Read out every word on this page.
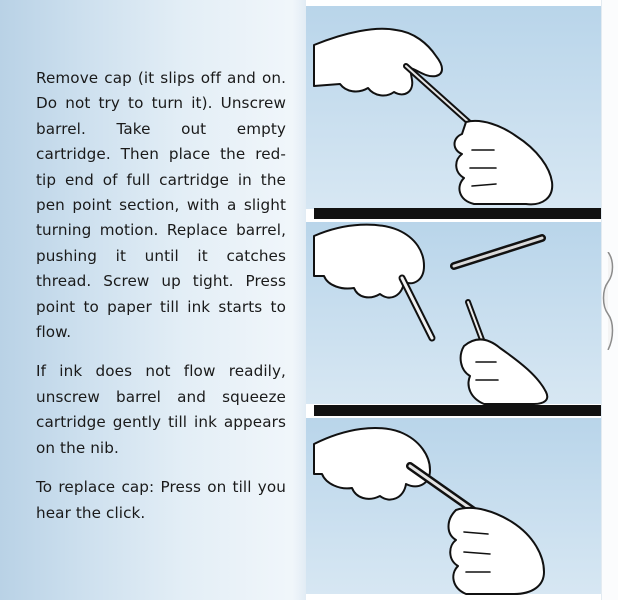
Remove cap (it slips off and on. Do not try to turn it). Unscrew barrel. Take out empty cartridge. Then place the red-tip end of full cartridge in the pen point section, with a slight turning motion. Replace barrel, pushing it until it catches thread. Screw up tight. Press point to paper till ink starts to flow.

If ink does not flow readily, unscrew barrel and squeeze cartridge gently till ink appears on the nib.

To replace cap: Press on till you hear the click.
